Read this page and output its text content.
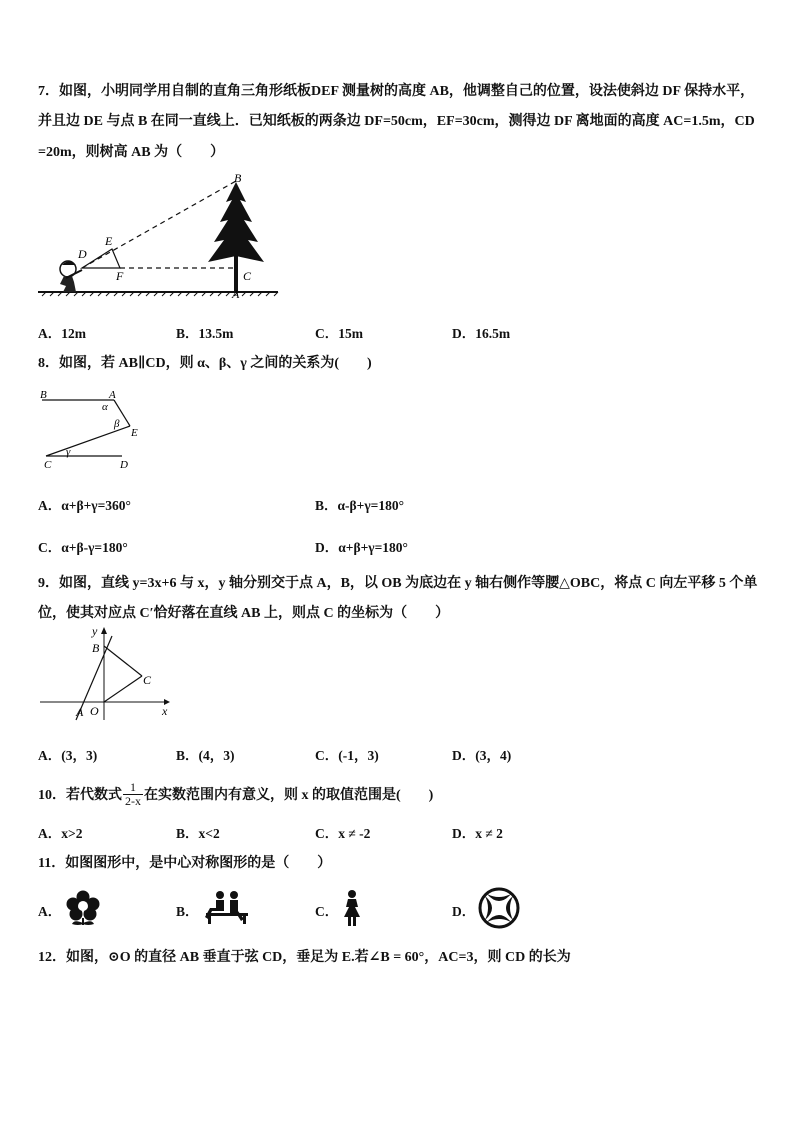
7．如图，小明同学用自制的直角三角形纸板DEF 测量树的高度 AB，他调整自己的位置，设法使斜边 DF 保持水平，
并且边 DE 与点 B 在同一直线上．已知纸板的两条边 DF=50cm，EF=30cm，测得边 DF 离地面的高度 AC=1.5m，CD
=20m，则树高 AB 为（　　）
B
E
D
F	C
A
A．12m	B．13.5m	C．15m	D．16.5m
8．如图，若 AB∥CD，则 α、β、γ 之间的关系为(　　)
B	A
α
β
E
C
γ
D
A．α+β+γ=360°	B．α-β+γ=180°
C．α+β-γ=180°	D．α+β+γ=180°
9．如图，直线 y=3x+6 与 x，y 轴分别交于点 A，B，以 OB 为底边在 y 轴右侧作等腰△OBC，将点 C 向左平移 5 个单
位，使其对应点 C′恰好落在直线 AB 上，则点 C 的坐标为（　　）
y
B
C
A O	x
A．(3，3)	B．(4，3)	C．(-1，3)	D．(3，4)
10．若代数式 $\frac{1}{2-x}$ 在实数范围内有意义，则 x 的取值范围是(　　)
A．x>2	B．x<2	C．x ≠ -2	D．x ≠ 2
11．如图图形中，是中心对称图形的是（　　）
A．	B．	C．	D．
12．如图，⊙O 的直径 AB 垂直于弦 CD，垂足为 E.若∠B = 60°，AC=3，则 CD 的长为
